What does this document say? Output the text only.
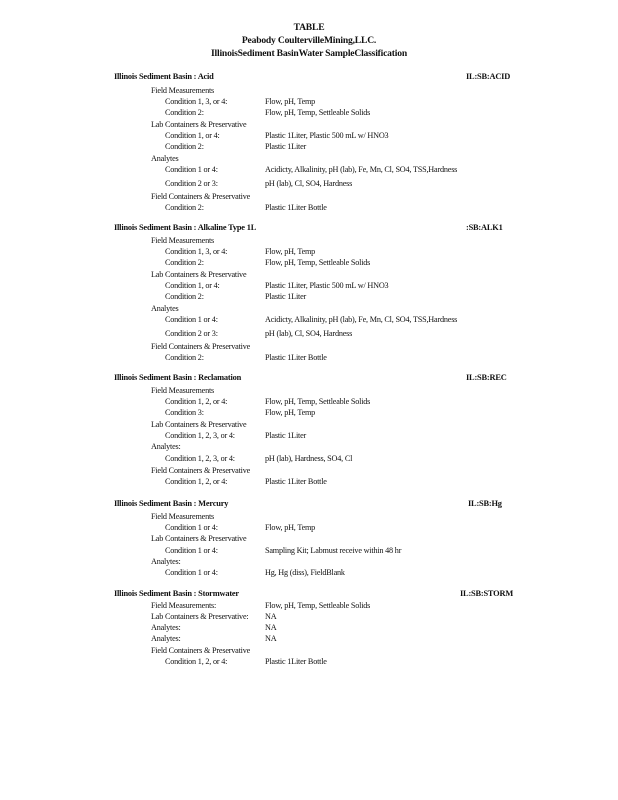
TABLE
Peabody CoultervilleMining,LLC.
IllinoisSediment BasinWater SampleClassification
Illinois Sediment Basin : Acid	IL:SB:ACID
Field Measurements
Condition 1, 3, or 4:	Flow, pH, Temp
Condition 2:	Flow, pH, Temp, Settleable Solids
Lab Containers & Preservative
Condition 1, or 4:	Plastic 1Liter, Plastic 500 mL w/ HNO3
Condition 2:	Plastic 1Liter
Analytes
Condition 1 or 4:	Acidicty, Alkalinity, pH (lab), Fe, Mn, Cl, SO4, TSS,Hardness
Condition 2 or 3:	pH (lab), Cl, SO4, Hardness
Field Containers & Preservative
Condition 2:	Plastic 1Liter Bottle
Illinois Sediment Basin : Alkaline Type 1L	:SB:ALK1
Field Measurements
Condition 1, 3, or 4:	Flow, pH, Temp
Condition 2:	Flow, pH, Temp, Settleable Solids
Lab Containers & Preservative
Condition 1, or 4:	Plastic 1Liter, Plastic 500 mL w/ HNO3
Condition 2:	Plastic 1Liter
Analytes
Condition 1 or 4:	Acidicty, Alkalinity, pH (lab), Fe, Mn, Cl, SO4, TSS,Hardness
Condition 2 or 3:	pH (lab), Cl, SO4, Hardness
Field Containers & Preservative
Condition 2:	Plastic 1Liter Bottle
Illinois Sediment Basin : Reclamation	IL:SB:REC
Field Measurements
Condition 1, 2, or 4:	Flow, pH, Temp, Settleable Solids
Condition 3:	Flow, pH, Temp
Lab Containers & Preservative
Condition 1, 2, 3, or 4:	Plastic 1Liter
Analytes:
Condition 1, 2, 3, or 4:	pH (lab), Hardness, SO4, Cl
Field Containers & Preservative
Condition 1, 2, or 4:	Plastic 1Liter Bottle
Illinois Sediment Basin : Mercury	IL:SB:Hg
Field Measurements
Condition 1 or 4:	Flow, pH, Temp
Lab Containers & Preservative
Condition 1 or 4:	Sampling Kit; Labmust receive within 48 hr
Analytes:
Condition 1 or 4:	Hg, Hg (diss), FieldBlank
Illinois Sediment Basin : Stormwater	IL:SB:STORM
Field Measurements:	Flow, pH, Temp, Settleable Solids
Lab Containers & Preservative: NA
Analytes:	NA
Analytes:	NA
Field Containers & Preservative
Condition 1, 2, or 4:	Plastic 1Liter Bottle
